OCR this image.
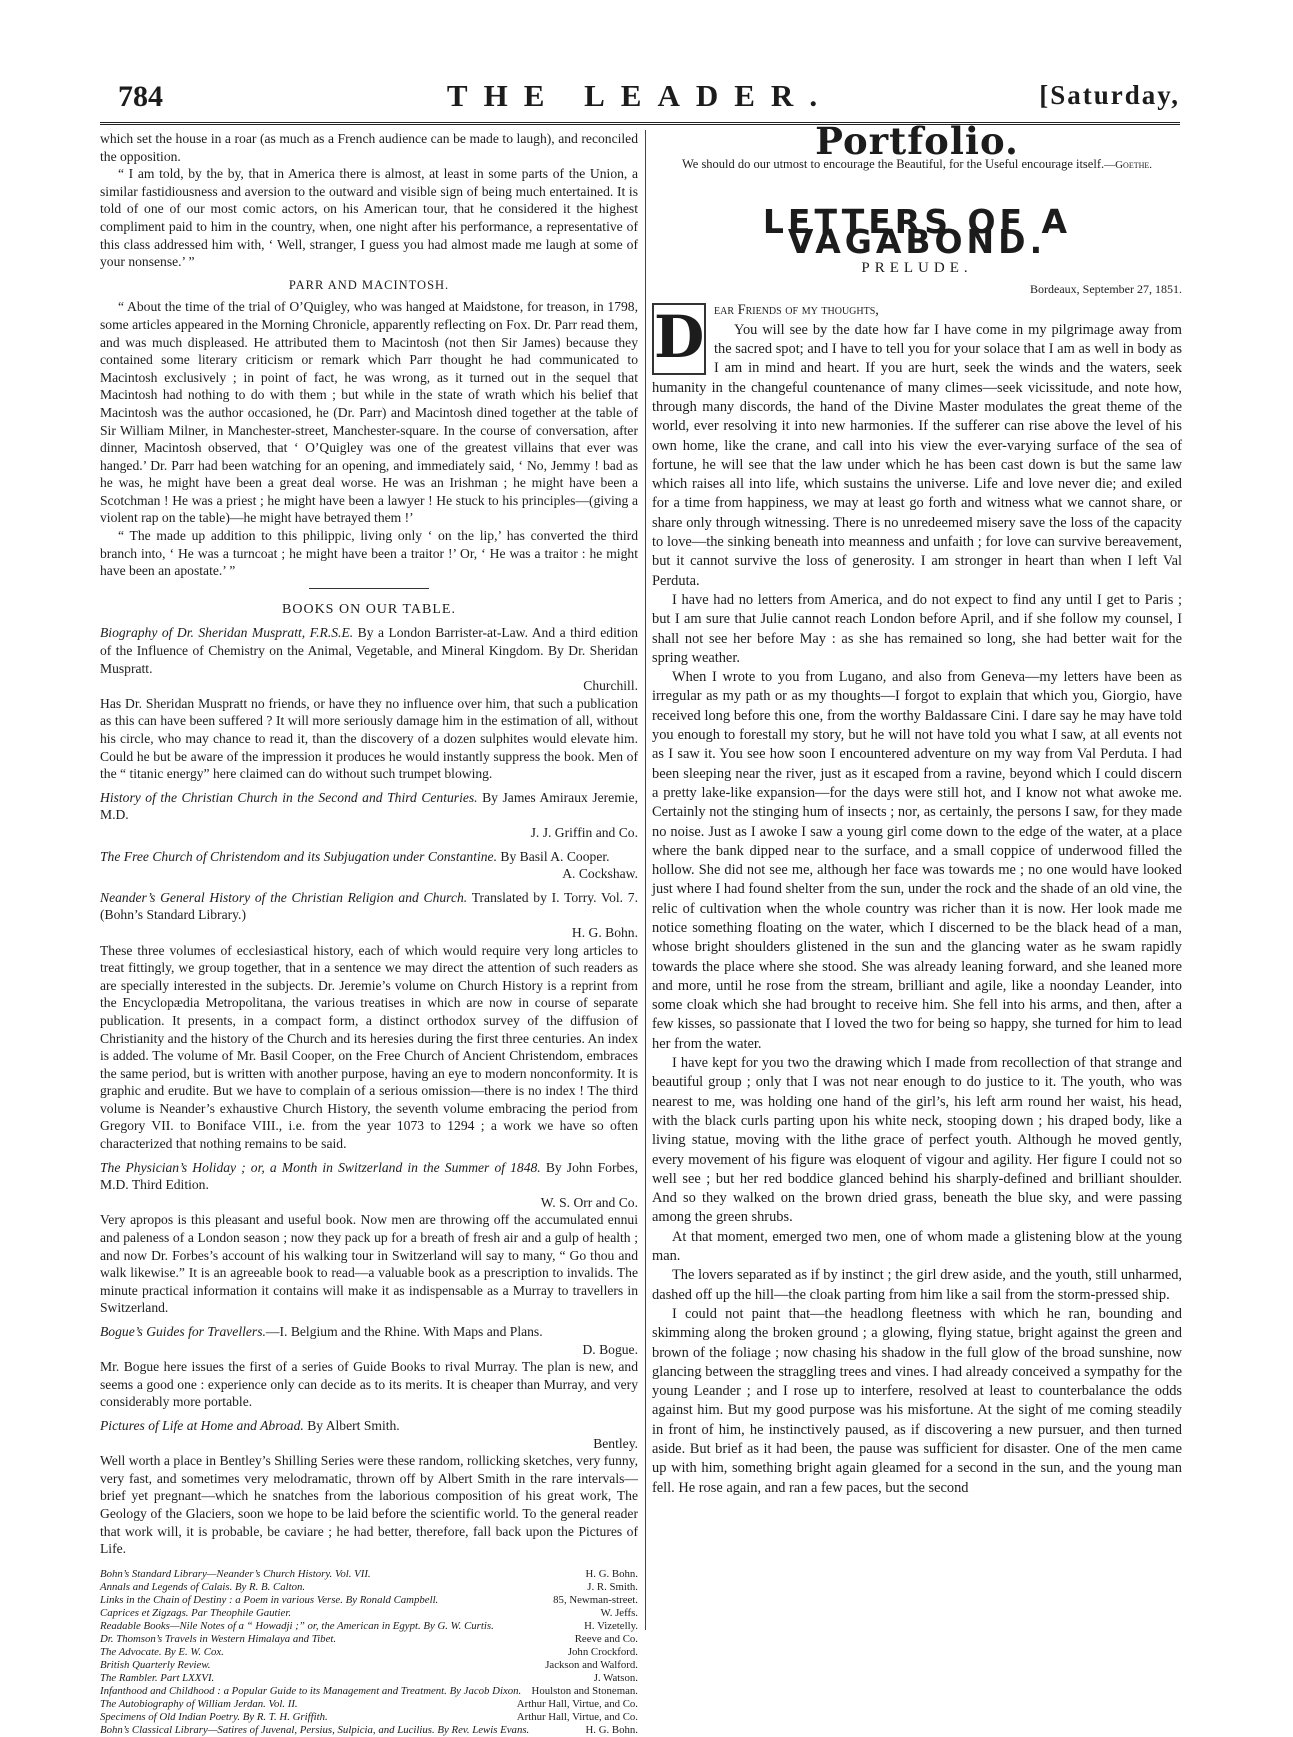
784	THE LEADER.	[Saturday,

which set the house in a roar (as much as a French audience can be made to laugh), and reconciled the opposition.

“ I am told, by the by, that in America there is almost, at least in some parts of the Union, a similar fastidiousness and aversion to the outward and visible sign of being much entertained. It is told of one of our most comic actors, on his American tour, that he considered it the highest compliment paid to him in the country, when, one night after his performance, a representative of this class addressed him with, ‘ Well, stranger, I guess you had almost made me laugh at some of your nonsense.’ ”

PARR AND MACINTOSH.

“ About the time of the trial of O’Quigley, who was hanged at Maidstone, for treason, in 1798, some articles appeared in the Morning Chronicle, apparently reflecting on Fox. Dr. Parr read them, and was much displeased. He attributed them to Macintosh (not then Sir James) because they contained some literary criticism or remark which Parr thought he had communicated to Macintosh exclusively ; in point of fact, he was wrong, as it turned out in the sequel that Macintosh had nothing to do with them ; but while in the state of wrath which his belief that Macintosh was the author occasioned, he (Dr. Parr) and Macintosh dined together at the table of Sir William Milner, in Manchester-street, Manchester-square. In the course of conversation, after dinner, Macintosh observed, that ‘ O’Quigley was one of the greatest villains that ever was hanged.’ Dr. Parr had been watching for an opening, and immediately said, ‘ No, Jemmy ! bad as he was, he might have been a great deal worse. He was an Irishman ; he might have been a Scotchman ! He was a priest ; he might have been a lawyer ! He stuck to his principles—(giving a violent rap on the table)—he might have betrayed them !’

“ The made up addition to this philippic, living only ‘ on the lip,’ has converted the third branch into, ‘ He was a turncoat ; he might have been a traitor !’ Or, ‘ He was a traitor : he might have been an apostate.’ ”

BOOKS ON OUR TABLE.

Biography of Dr. Sheridan Muspratt, F.R.S.E. By a London Barrister-at-Law. And a third edition of the Influence of Chemistry on the Animal, Vegetable, and Mineral Kingdom. By Dr. Sheridan Muspratt.
Churchill.

Has Dr. Sheridan Muspratt no friends, or have they no influence over him, that such a publication as this can have been suffered ? It will more seriously damage him in the estimation of all, without his circle, who may chance to read it, than the discovery of a dozen sulphites would elevate him. Could he but be aware of the impression it produces he would instantly suppress the book. Men of the “ titanic energy” here claimed can do without such trumpet blowing.

History of the Christian Church in the Second and Third Centuries. By James Amiraux Jeremie, M.D.
J. J. Griffin and Co.

The Free Church of Christendom and its Subjugation under Constantine. By Basil A. Cooper.
A. Cockshaw.

Neander’s General History of the Christian Religion and Church. Translated by I. Torry. Vol. 7. (Bohn’s Standard Library.)
H. G. Bohn.

These three volumes of ecclesiastical history, each of which would require very long articles to treat fittingly, we group together, that in a sentence we may direct the attention of such readers as are specially interested in the subjects. Dr. Jeremie’s volume on Church History is a reprint from the Encyclopædia Metropolitana, the various treatises in which are now in course of separate publication. It presents, in a compact form, a distinct orthodox survey of the diffusion of Christianity and the history of the Church and its heresies during the first three centuries. An index is added. The volume of Mr. Basil Cooper, on the Free Church of Ancient Christendom, embraces the same period, but is written with another purpose, having an eye to modern nonconformity. It is graphic and erudite. But we have to complain of a serious omission—there is no index ! The third volume is Neander’s exhaustive Church History, the seventh volume embracing the period from Gregory VII. to Boniface VIII., i.e. from the year 1073 to 1294 ; a work we have so often characterized that nothing remains to be said.

The Physician’s Holiday ; or, a Month in Switzerland in the Summer of 1848. By John Forbes, M.D. Third Edition.
W. S. Orr and Co.

Very apropos is this pleasant and useful book. Now men are throwing off the accumulated ennui and paleness of a London season ; now they pack up for a breath of fresh air and a gulp of health ; and now Dr. Forbes’s account of his walking tour in Switzerland will say to many, “ Go thou and walk likewise.” It is an agreeable book to read—a valuable book as a prescription to invalids. The minute practical information it contains will make it as indispensable as a Murray to travellers in Switzerland.

Bogue’s Guides for Travellers.—I. Belgium and the Rhine. With Maps and Plans.
D. Bogue.

Mr. Bogue here issues the first of a series of Guide Books to rival Murray. The plan is new, and seems a good one : experience only can decide as to its merits. It is cheaper than Murray, and very considerably more portable.

Pictures of Life at Home and Abroad. By Albert Smith.
Bentley.

Well worth a place in Bentley’s Shilling Series were these random, rollicking sketches, very funny, very fast, and sometimes very melodramatic, thrown off by Albert Smith in the rare intervals—brief yet pregnant—which he snatches from the laborious composition of his great work, The Geology of the Glaciers, soon we hope to be laid before the scientific world. To the general reader that work will, it is probable, be caviare ; he had better, therefore, fall back upon the Pictures of Life.

Bohn’s Standard Library—Neander’s Church History. Vol. VII.	H. G. Bohn.
Annals and Legends of Calais. By R. B. Calton.	J. R. Smith.
Links in the Chain of Destiny : a Poem in various Verse. By Ronald Campbell.	85, Newman-street.
Caprices et Zigzags. Par Theophile Gautier.	W. Jeffs.
Readable Books—Nile Notes of a “ Howadji ;” or, the American in Egypt. By G. W. Curtis.	H. Vizetelly.
Dr. Thomson’s Travels in Western Himalaya and Tibet.	Reeve and Co.
The Advocate. By E. W. Cox.	John Crockford.
British Quarterly Review.	Jackson and Walford.
The Rambler. Part LXXVI.	J. Watson.
Infanthood and Childhood : a Popular Guide to its Management and Treatment. By Jacob Dixon. Houlston and Stoneman.
The Autobiography of William Jerdan. Vol. II.	Arthur Hall, Virtue, and Co.
Specimens of Old Indian Poetry. By R. T. H. Griffith.	Arthur Hall, Virtue, and Co.
Bohn’s Classical Library—Satires of Juvenal, Persius, Sulpicia, and Lucilius. By Rev. Lewis Evans.	H. G. Bohn.
Portfolio.

We should do our utmost to encourage the Beautiful, for the Useful encourage itself.—Goethe.

LETTERS OF A VAGABOND.
PRELUDE.
Bordeaux, September 27, 1851.
D ear Friends of my thoughts,

You will see by the date how far I have come in my pilgrimage away from the sacred spot; and I have to tell you for your solace that I am as well in body as I am in mind and heart. If you are hurt, seek the winds and the waters, seek humanity in the changeful countenance of many climes—seek vicissitude, and note how, through many discords, the hand of the Divine Master modulates the great theme of the world, ever resolving it into new harmonies. If the sufferer can rise above the level of his own home, like the crane, and call into his view the ever-varying surface of the sea of fortune, he will see that the law under which he has been cast down is but the same law which raises all into life, which sustains the universe. Life and love never die; and exiled for a time from happiness, we may at least go forth and witness what we cannot share, or share only through witnessing. There is no unredeemed misery save the loss of the capacity to love—the sinking beneath into meanness and unfaith ; for love can survive bereavement, but it cannot survive the loss of generosity. I am stronger in heart than when I left Val Perduta.

I have had no letters from America, and do not expect to find any until I get to Paris ; but I am sure that Julie cannot reach London before April, and if she follow my counsel, I shall not see her before May : as she has remained so long, she had better wait for the spring weather.

When I wrote to you from Lugano, and also from Geneva—my letters have been as irregular as my path or as my thoughts—I forgot to explain that which you, Giorgio, have received long before this one, from the worthy Baldassare Cini. I dare say he may have told you enough to forestall my story, but he will not have told you what I saw, at all events not as I saw it. You see how soon I encountered adventure on my way from Val Perduta. I had been sleeping near the river, just as it escaped from a ravine, beyond which I could discern a pretty lake-like expansion—for the days were still hot, and I know not what awoke me. Certainly not the stinging hum of insects ; nor, as certainly, the persons I saw, for they made no noise. Just as I awoke I saw a young girl come down to the edge of the water, at a place where the bank dipped near to the surface, and a small coppice of underwood filled the hollow. She did not see me, although her face was towards me ; no one would have looked just where I had found shelter from the sun, under the rock and the shade of an old vine, the relic of cultivation when the whole country was richer than it is now. Her look made me notice something floating on the water, which I discerned to be the black head of a man, whose bright shoulders glistened in the sun and the glancing water as he swam rapidly towards the place where she stood. She was already leaning forward, and she leaned more and more, until he rose from the stream, brilliant and agile, like a noonday Leander, into some cloak which she had brought to receive him. She fell into his arms, and then, after a few kisses, so passionate that I loved the two for being so happy, she turned for him to lead her from the water.

I have kept for you two the drawing which I made from recollection of that strange and beautiful group ; only that I was not near enough to do justice to it. The youth, who was nearest to me, was holding one hand of the girl’s, his left arm round her waist, his head, with the black curls parting upon his white neck, stooping down ; his draped body, like a living statue, moving with the lithe grace of perfect youth. Although he moved gently, every movement of his figure was eloquent of vigour and agility. Her figure I could not so well see ; but her red boddice glanced behind his sharply-defined and brilliant shoulder. And so they walked on the brown dried grass, beneath the blue sky, and were passing among the green shrubs.

At that moment, emerged two men, one of whom made a glistening blow at the young man.

The lovers separated as if by instinct ; the girl drew aside, and the youth, still unharmed, dashed off up the hill—the cloak parting from him like a sail from the storm-pressed ship.

I could not paint that—the headlong fleetness with which he ran, bounding and skimming along the broken ground ; a glowing, flying statue, bright against the green and brown of the foliage ; now chasing his shadow in the full glow of the broad sunshine, now glancing between the straggling trees and vines. I had already conceived a sympathy for the young Leander ; and I rose up to interfere, resolved at least to counterbalance the odds against him. But my good purpose was his misfortune. At the sight of me coming steadily in front of him, he instinctively paused, as if discovering a new pursuer, and then turned aside. But brief as it had been, the pause was sufficient for disaster. One of the men came up with him, something bright again gleamed for a second in the sun, and the young man fell. He rose again, and ran a few paces, but the second
